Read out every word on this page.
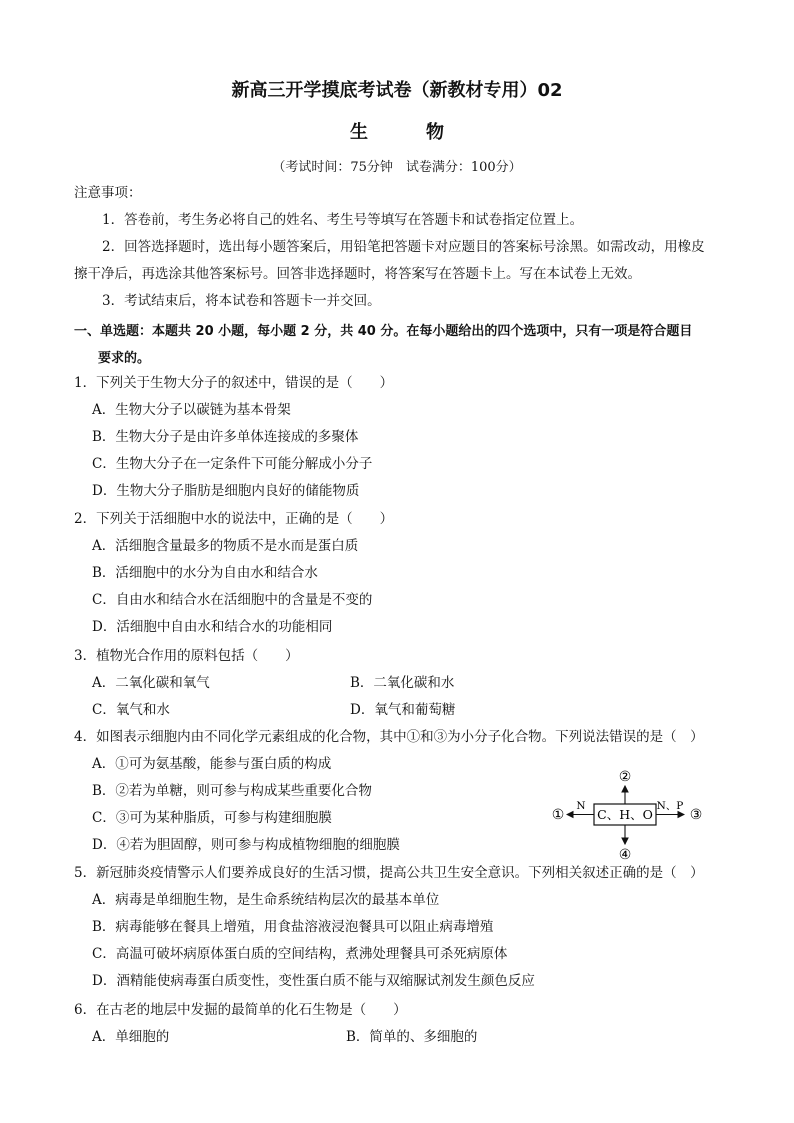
新高三开学摸底考试卷（新教材专用）02
生	物
（考试时间：75分钟　试卷满分：100分）
注意事项：
1．答卷前，考生务必将自己的姓名、考生号等填写在答题卡和试卷指定位置上。
2．回答选择题时，选出每小题答案后，用铅笔把答题卡对应题目的答案标号涂黑。如需改动，用橡皮
擦干净后，再选涂其他答案标号。回答非选择题时，将答案写在答题卡上。写在本试卷上无效。
3．考试结束后，将本试卷和答题卡一并交回。
一、单选题：本题共 20 小题，每小题 2 分，共 40 分。在每小题给出的四个选项中，只有一项是符合题目
要求的。
1．下列关于生物大分子的叙述中，错误的是（　　）
A．生物大分子以碳链为基本骨架
B．生物大分子是由许多单体连接成的多聚体
C．生物大分子在一定条件下可能分解成小分子
D．生物大分子脂肪是细胞内良好的储能物质
2．下列关于活细胞中水的说法中，正确的是（　　）
A．活细胞含量最多的物质不是水而是蛋白质
B．活细胞中的水分为自由水和结合水
C．自由水和结合水在活细胞中的含量是不变的
D．活细胞中自由水和结合水的功能相同
3．植物光合作用的原料包括（　　）
A．二氧化碳和氧气	B．二氧化碳和水
C．氧气和水	D．氧气和葡萄糖
4．如图表示细胞内由不同化学元素组成的化合物，其中①和③为小分子化合物。下列说法错误的是（　）
A．①可为氨基酸，能参与蛋白质的构成
B．②若为单糖，则可参与构成某些重要化合物
C．③可为某种脂质，可参与构建细胞膜
D．④若为胆固醇，则可参与构成植物细胞的细胞膜
C、H、O
N	N、P
①
②
③
④
5．新冠肺炎疫情警示人们要养成良好的生活习惯，提高公共卫生安全意识。下列相关叙述正确的是（　）
A．病毒是单细胞生物，是生命系统结构层次的最基本单位
B．病毒能够在餐具上增殖，用食盐溶液浸泡餐具可以阻止病毒增殖
C．高温可破坏病原体蛋白质的空间结构，煮沸处理餐具可杀死病原体
D．酒精能使病毒蛋白质变性，变性蛋白质不能与双缩脲试剂发生颜色反应
6．在古老的地层中发掘的最简单的化石生物是（　　）
A．单细胞的	B．简单的、多细胞的
